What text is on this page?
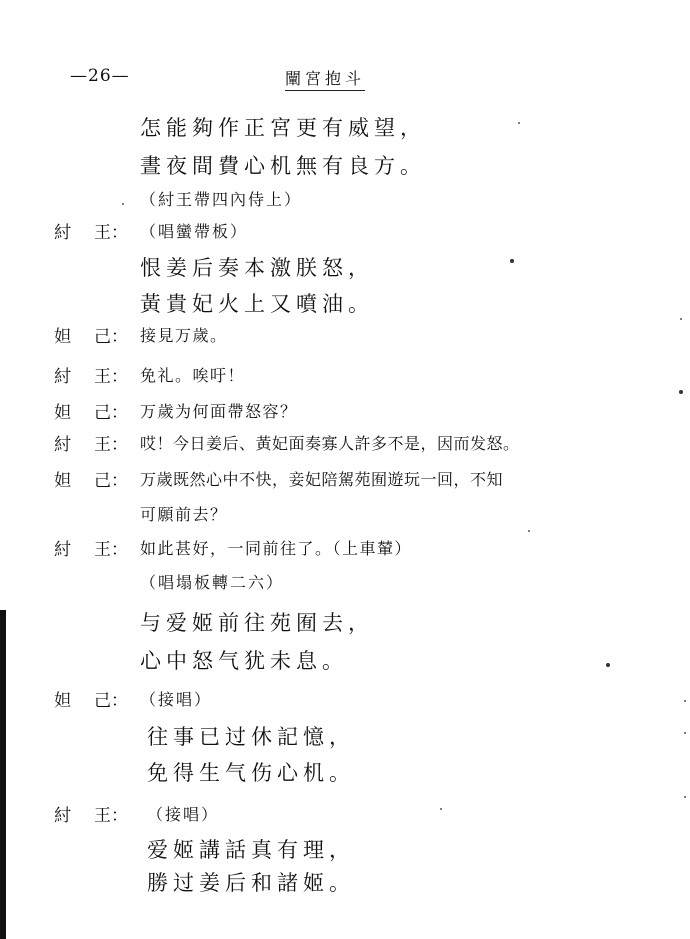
—26—	闡宮抱斗
怎能夠作正宮更有威望，
晝夜間費心机無有良方。
（紂王帶四內侍上）
紂 王： （唱蠻帶板）
恨姜后奏本激朕怒，
黃貴妃火上又噴油。
妲 己： 接見万歲。
紂 王： 免礼。唉吁！
妲 己： 万歲为何面帶怒容？
紂 王： 哎！今日姜后、黃妃面奏寡人許多不是，因而发怒。
妲 己： 万歲既然心中不快，妾妃陪駕苑囿遊玩一回，不知
可願前去？
紂 王： 如此甚好，一同前往了。（上車輦）
（唱塌板轉二六）
与爱姬前往苑囿去，
心中怒气犹未息。
妲 己： （接唱）
往事已过休記憶，
免得生气伤心机。
紂 王： （接唱）
爱姬講話真有理，
勝过姜后和諸姬。
